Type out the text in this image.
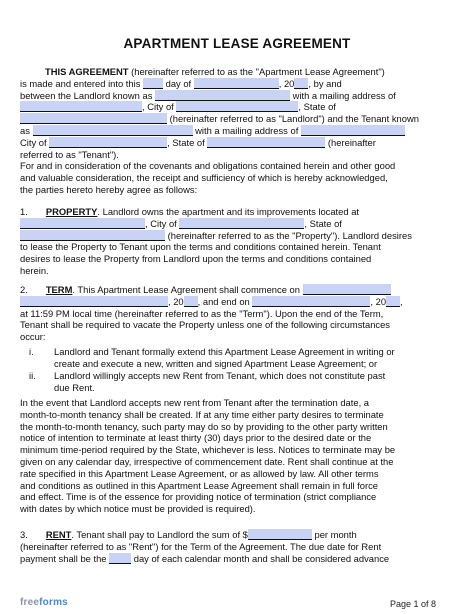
APARTMENT LEASE AGREEMENT
THIS AGREEMENT (hereinafter referred to as the "Apartment Lease Agreement")
is made and entered into this  day of	, 20 , by and
between the Landlord known as	with a mailing address of
, City of	, State of
(hereinafter referred to as "Landlord") and the Tenant known
as	with a mailing address of
City of	, State of	(hereinafter
referred to as "Tenant").
For and in consideration of the covenants and obligations contained herein and other good
and valuable consideration, the receipt and sufficiency of which is hereby acknowledged,
the parties hereto hereby agree as follows:
1. PROPERTY. Landlord owns the apartment and its improvements located at
, City of	, State of
(hereinafter referred to as the "Property"). Landlord desires
to lease the Property to Tenant upon the terms and conditions contained herein. Tenant
desires to lease the Property from Landlord upon the terms and conditions contained
herein.
2. TERM. This Apartment Lease Agreement shall commence on
, 20 , and end on	, 20 ,
at 11:59 PM local time (hereinafter referred to as the "Term"). Upon the end of the Term,
Tenant shall be required to vacate the Property unless one of the following circumstances
occur:
i. Landlord and Tenant formally extend this Apartment Lease Agreement in writing or
create and execute a new, written and signed Apartment Lease Agreement; or
ii. Landlord willingly accepts new Rent from Tenant, which does not constitute past
due Rent.
In the event that Landlord accepts new rent from Tenant after the termination date, a
month-to-month tenancy shall be created. If at any time either party desires to terminate
the month-to-month tenancy, such party may do so by providing to the other party written
notice of intention to terminate at least thirty (30) days prior to the desired date or the
minimum time-period required by the State, whichever is less. Notices to terminate may be
given on any calendar day, irrespective of commencement date. Rent shall continue at the
rate specified in this Apartment Lease Agreement, or as allowed by law. All other terms
and conditions as outlined in this Apartment Lease Agreement shall remain in full force
and effect. Time is of the essence for providing notice of termination (strict compliance
with dates by which notice must be provided is required).
3. RENT. Tenant shall pay to Landlord the sum of $	per month
(hereinafter referred to as "Rent") for the Term of the Agreement. The due date for Rent
payment shall be the  day of each calendar month and shall be considered advance
freeforms	Page 1 of 8
